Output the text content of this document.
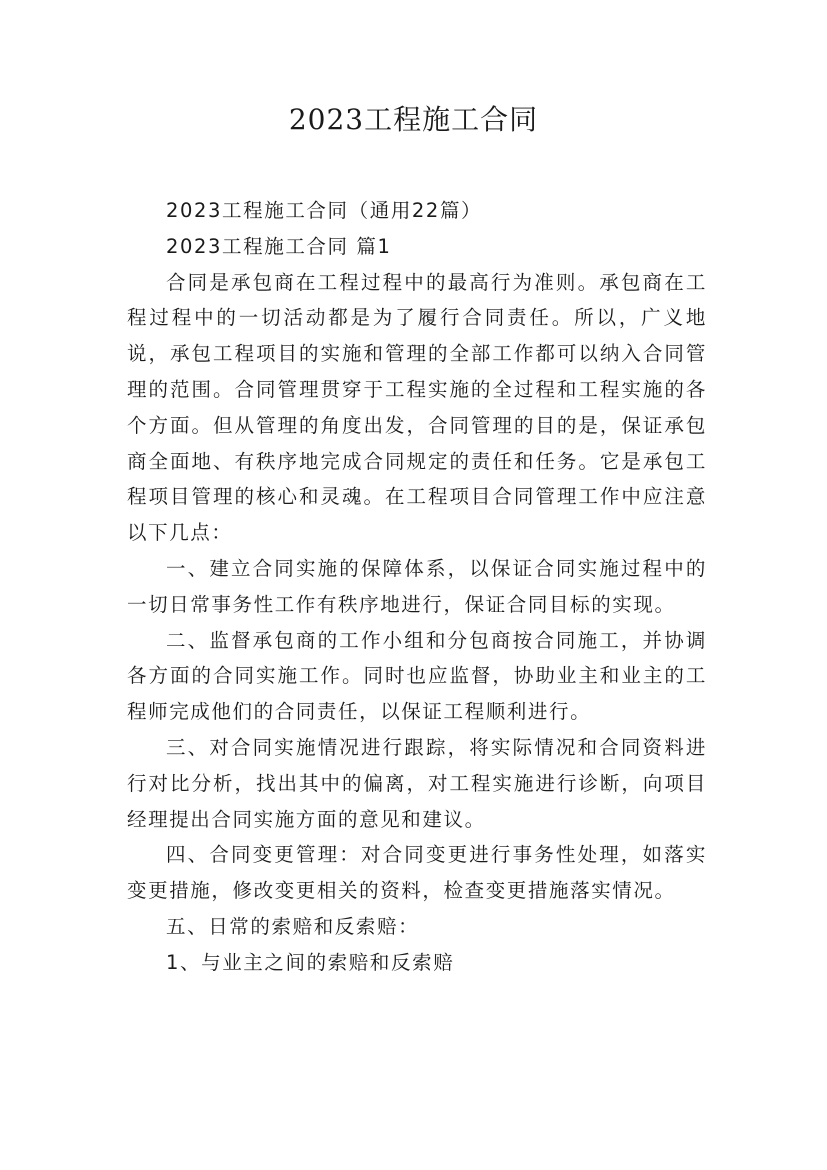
2023工程施工合同

2023工程施工合同（通用22篇）

2023工程施工合同 篇1

合同是承包商在工程过程中的最高行为准则。承包商在工程过程中的一切活动都是为了履行合同责任。所以，广义地说，承包工程项目的实施和管理的全部工作都可以纳入合同管理的范围。合同管理贯穿于工程实施的全过程和工程实施的各个方面。但从管理的角度出发，合同管理的目的是，保证承包商全面地、有秩序地完成合同规定的责任和任务。它是承包工程项目管理的核心和灵魂。在工程项目合同管理工作中应注意以下几点：

一、建立合同实施的保障体系，以保证合同实施过程中的一切日常事务性工作有秩序地进行，保证合同目标的实现。

二、监督承包商的工作小组和分包商按合同施工，并协调各方面的合同实施工作。同时也应监督，协助业主和业主的工程师完成他们的合同责任，以保证工程顺利进行。

三、对合同实施情况进行跟踪，将实际情况和合同资料进行对比分析，找出其中的偏离，对工程实施进行诊断，向项目经理提出合同实施方面的意见和建议。

四、合同变更管理：对合同变更进行事务性处理，如落实变更措施，修改变更相关的资料，检查变更措施落实情况。

五、日常的索赔和反索赔：

1、与业主之间的索赔和反索赔
